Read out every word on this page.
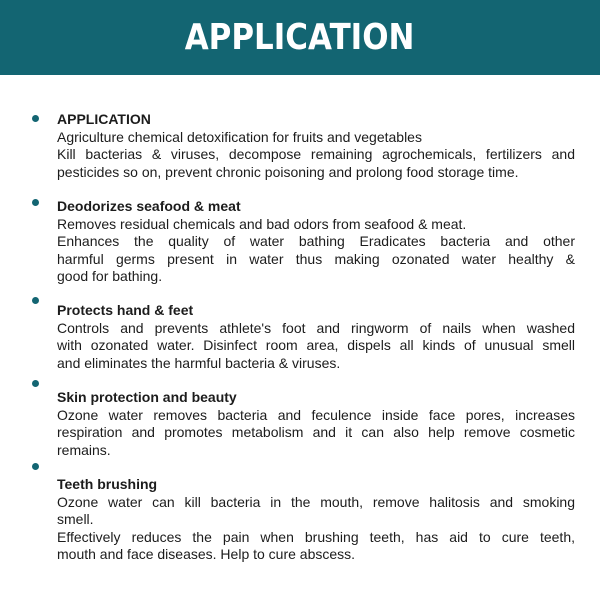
APPLICATION
APPLICATION
Agriculture chemical detoxification for fruits and vegetables
Kill bacterias & viruses, decompose remaining agrochemicals, fertilizers and
pesticides so on, prevent chronic poisoning and prolong food storage time.
Deodorizes seafood & meat
Removes residual chemicals and bad odors from seafood & meat.
Enhances the quality of water bathing Eradicates bacteria and other
harmful germs present in water thus making ozonated water healthy &
good for bathing.
Protects hand & feet
Controls and prevents athlete's foot and ringworm of nails when washed
with ozonated water. Disinfect room area, dispels all kinds of unusual smell
and eliminates the harmful bacteria & viruses.
Skin protection and beauty
Ozone water removes bacteria and feculence inside face pores, increases
respiration and promotes metabolism and it can also help remove cosmetic
remains.
Teeth brushing
Ozone water can kill bacteria in the mouth, remove halitosis and smoking
smell.
Effectively reduces the pain when brushing teeth, has aid to cure teeth,
mouth and face diseases. Help to cure abscess.
